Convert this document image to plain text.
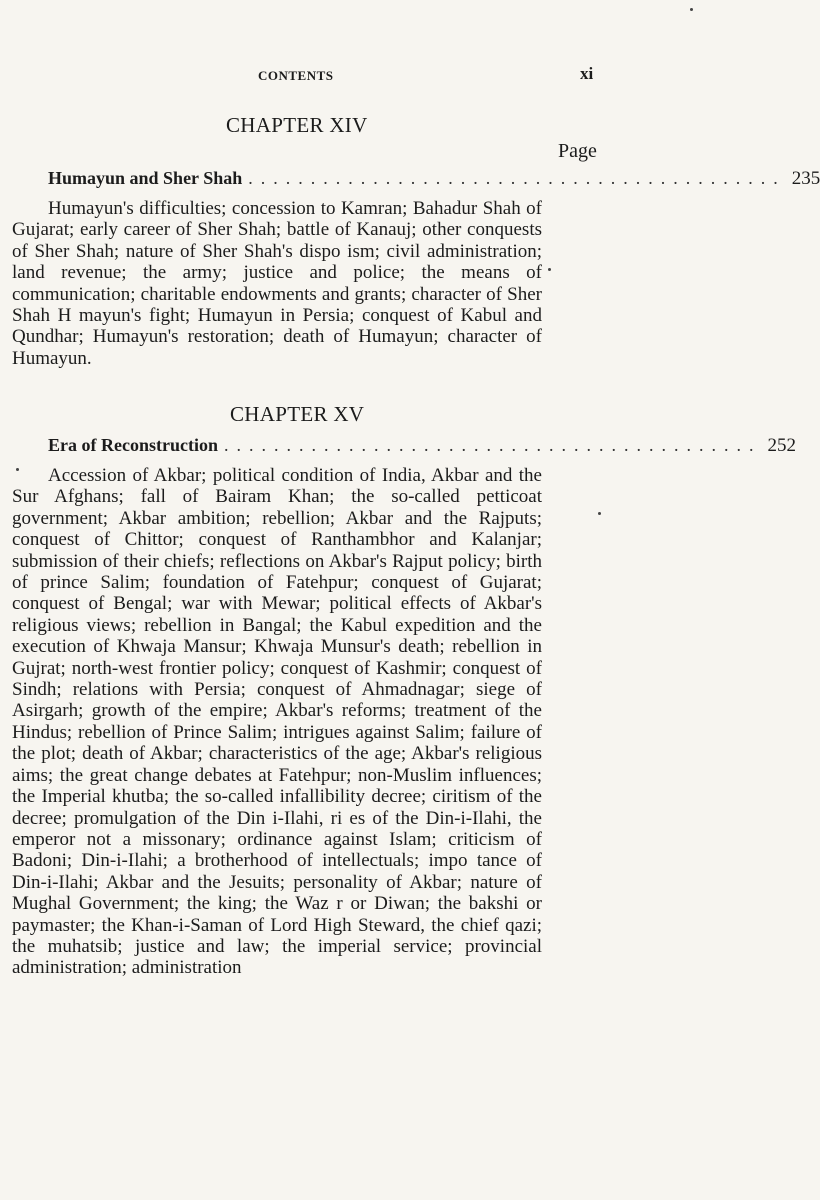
CONTENTS	xi
CHAPTER XIV
Page
Humayun and Sher Shah ........................................... 235

Humayun's difficulties; concession to Kamran; Bahadur Shah of Gujarat; early career of Sher Shah; battle of Kanauj; other conquests of Sher Shah; nature of Sher Shah's dispo ism; civil administration; land revenue; the army; justice and police; the means of communication; charitable endowments and grants; character of Sher Shah H mayun's fight; Humayun in Persia; conquest of Kabul and Qundhar; Humayun's restoration; death of Humayun; character of Humayun.

CHAPTER XV
Era of Reconstruction ........................................... 252

Accession of Akbar; political condition of India, Akbar and the Sur Afghans; fall of Bairam Khan; the so-called petticoat government; Akbar ambition; rebellion; Akbar and the Rajputs; conquest of Chittor; conquest of Ranthambhor and Kalanjar; submission of their chiefs; reflections on Akbar's Rajput policy; birth of prince Salim; foundation of Fatehpur; conquest of Gujarat; conquest of Bengal; war with Mewar; political effects of Akbar's religious views; rebellion in Bangal; the Kabul expedition and the execution of Khwaja Mansur; Khwaja Munsur's death; rebellion in Gujrat; north-west frontier policy; conquest of Kashmir; conquest of Sindh; relations with Persia; conquest of Ahmadnagar; siege of Asirgarh; growth of the empire; Akbar's reforms; treatment of the Hindus; rebellion of Prince Salim; intrigues against Salim; failure of the plot; death of Akbar; characteristics of the age; Akbar's religious aims; the great change debates at Fatehpur; non-Muslim influences; the Imperial khutba; the so-called infallibility decree; ciritism of the decree; promulgation of the Din i-Ilahi, ri es of the Din-i-Ilahi, the emperor not a missonary; ordinance against Islam; criticism of Badoni; Din-i-Ilahi; a brotherhood of intellectuals; impo tance of Din-i-Ilahi; Akbar and the Jesuits; personality of Akbar; nature of Mughal Government; the king; the Waz r or Diwan; the bakshi or paymaster; the Khan-i-Saman of Lord High Steward, the chief qazi; the muhatsib; justice and law; the imperial service; provincial administration; administration
